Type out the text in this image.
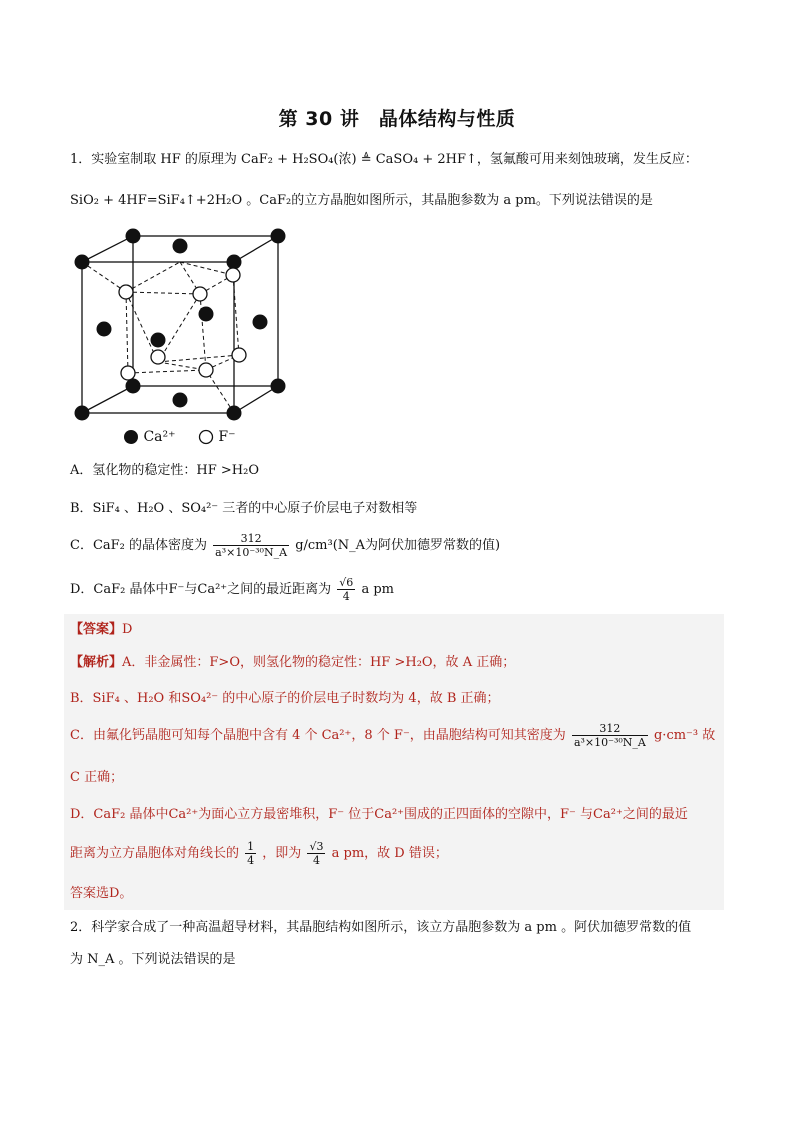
第 30 讲　晶体结构与性质
1．实验室制取 HF 的原理为 CaF₂ + H₂SO₄(浓) ≜ CaSO₄ + 2HF↑，氢氟酸可用来刻蚀玻璃，发生反应：
SiO₂ + 4HF=SiF₄↑+2H₂O 。CaF₂的立方晶胞如图所示，其晶胞参数为 a pm。下列说法错误的是
Ca²⁺	F⁻
A．氢化物的稳定性：HF >H₂O
B．SiF₄ 、H₂O 、SO₄²⁻ 三者的中心原子价层电子对数相等
C．CaF₂ 的晶体密度为 $\frac{312}{\text{a³×10⁻³⁰N\_A}}$ g/cm³(N_A为阿伏加德罗常数的值)
D．CaF₂ 晶体中F⁻与Ca²⁺之间的最近距离为 $\frac{√6}{4}$ a pm
【答案】D
【解析】A．非金属性：F>O，则氢化物的稳定性：HF >H₂O，故 A 正确；
B．SiF₄ 、H₂O 和SO₄²⁻ 的中心原子的价层电子时数均为 4，故 B 正确；
C．由氟化钙晶胞可知每个晶胞中含有 4 个 Ca²⁺，8 个 F⁻，由晶胞结构可知其密度为 $\frac{312}{\text{a³×10⁻³⁰N\_A}} g\cdot cm^{-3}$ 故
C 正确；
D．CaF₂ 晶体中Ca²⁺为面心立方最密堆积，F⁻ 位于Ca²⁺围成的正四面体的空隙中，F⁻ 与Ca²⁺之间的最近
距离为立方晶胞体对角线长的 $\frac{1}{4}$ ，即为 $\frac{√3}{4}$ a pm，故 D 错误；
答案选D。
2．科学家合成了一种高温超导材料，其晶胞结构如图所示，该立方晶胞参数为 a pm 。阿伏加德罗常数的值
为 N_A 。下列说法错误的是
